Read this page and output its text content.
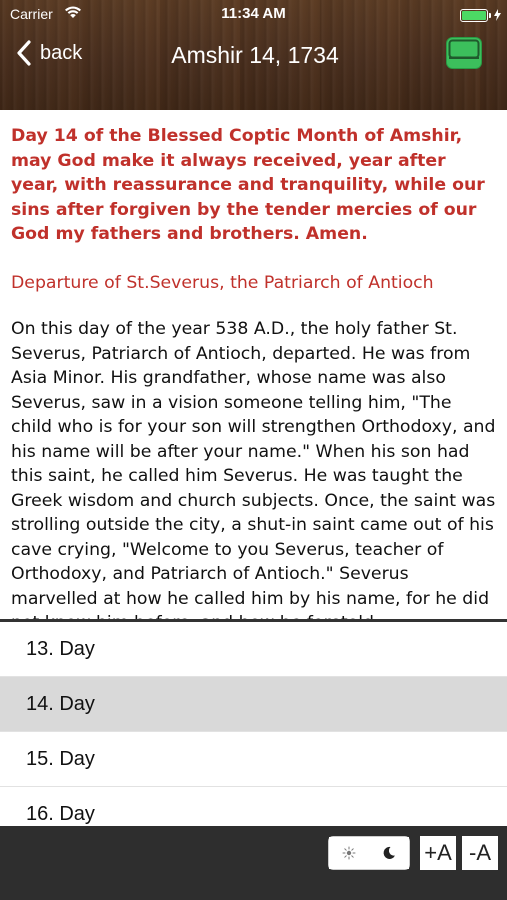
Carrier	11:34 AM
back	Amshir 14, 1734

Day 14 of the Blessed Coptic Month of Amshir, may God make it always received, year after year, with reassurance and tranquility, while our sins after forgiven by the tender mercies of our God my fathers and brothers. Amen.

Departure of St.Severus, the Patriarch of Antioch

On this day of the year 538 A.D., the holy father St. Severus, Patriarch of Antioch, departed. He was from Asia Minor. His grandfather, whose name was also Severus, saw in a vision someone telling him, "The child who is for your son will strengthen Orthodoxy, and his name will be after your name." When his son had this saint, he called him Severus. He was taught the Greek wisdom and church subjects. Once, the saint was strolling outside the city, a shut-in saint came out of his cave crying, "Welcome to you Severus, teacher of Orthodoxy, and Patriarch of Antioch." Severus marvelled at how he called him by his name, for he did

13. Day
14. Day
15. Day
16. Day
+A -A
